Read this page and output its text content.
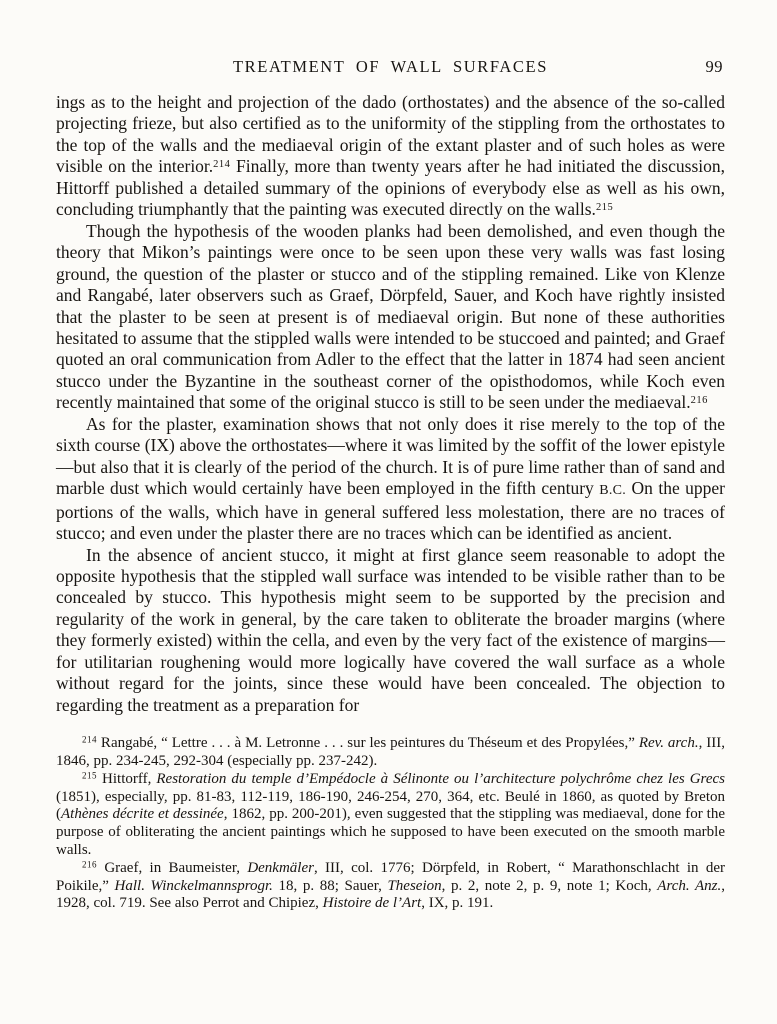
TREATMENT OF WALL SURFACES	99

ings as to the height and projection of the dado (orthostates) and the absence of the so-called projecting frieze, but also certified as to the uniformity of the stippling from the orthostates to the top of the walls and the mediaeval origin of the extant plaster and of such holes as were visible on the interior.$^{214}$ Finally, more than twenty years after he had initiated the discussion, Hittorff published a detailed summary of the opinions of everybody else as well as his own, concluding triumphantly that the painting was executed directly on the walls.$^{215}$

Though the hypothesis of the wooden planks had been demolished, and even though the theory that Mikon’s paintings were once to be seen upon these very walls was fast losing ground, the question of the plaster or stucco and of the stippling remained. Like von Klenze and Rangabé, later observers such as Graef, Dörpfeld, Sauer, and Koch have rightly insisted that the plaster to be seen at present is of mediaeval origin. But none of these authorities hesitated to assume that the stippled walls were intended to be stuccoed and painted; and Graef quoted an oral communication from Adler to the effect that the latter in 1874 had seen ancient stucco under the Byzantine in the southeast corner of the opisthodomos, while Koch even recently maintained that some of the original stucco is still to be seen under the mediaeval.$^{216}$

As for the plaster, examination shows that not only does it rise merely to the top of the sixth course (IX) above the orthostates—where it was limited by the soffit of the lower epistyle—but also that it is clearly of the period of the church. It is of pure lime rather than of sand and marble dust which would certainly have been employed in the fifth century B.C. On the upper portions of the walls, which have in general suffered less molestation, there are no traces of stucco; and even under the plaster there are no traces which can be identified as ancient.

In the absence of ancient stucco, it might at first glance seem reasonable to adopt the opposite hypothesis that the stippled wall surface was intended to be visible rather than to be concealed by stucco. This hypothesis might seem to be supported by the precision and regularity of the work in general, by the care taken to obliterate the broader margins (where they formerly existed) within the cella, and even by the very fact of the existence of margins—for utilitarian roughening would more logically have covered the wall surface as a whole without regard for the joints, since these would have been concealed. The objection to regarding the treatment as a preparation for

$^{214}$ Rangabé, “ Lettre . . . à M. Letronne . . . sur les peintures du Théseum et des Propylées,” Rev. arch., III, 1846, pp. 234-245, 292-304 (especially pp. 237-242).

$^{215}$ Hittorff, Restoration du temple d’Empédocle à Sélinonte ou l’architecture polychrôme chez les Grecs (1851), especially, pp. 81-83, 112-119, 186-190, 246-254, 270, 364, etc. Beulé in 1860, as quoted by Breton (Athènes décrite et dessinée, 1862, pp. 200-201), even suggested that the stippling was mediaeval, done for the purpose of obliterating the ancient paintings which he supposed to have been executed on the smooth marble walls.

$^{216}$ Graef, in Baumeister, Denkmäler, III, col. 1776; Dörpfeld, in Robert, “ Marathonschlacht in der Poikile,” Hall. Winckelmannsprogr. 18, p. 88; Sauer, Theseion, p. 2, note 2, p. 9, note 1; Koch, Arch. Anz., 1928, col. 719. See also Perrot and Chipiez, Histoire de l’Art, IX, p. 191.
